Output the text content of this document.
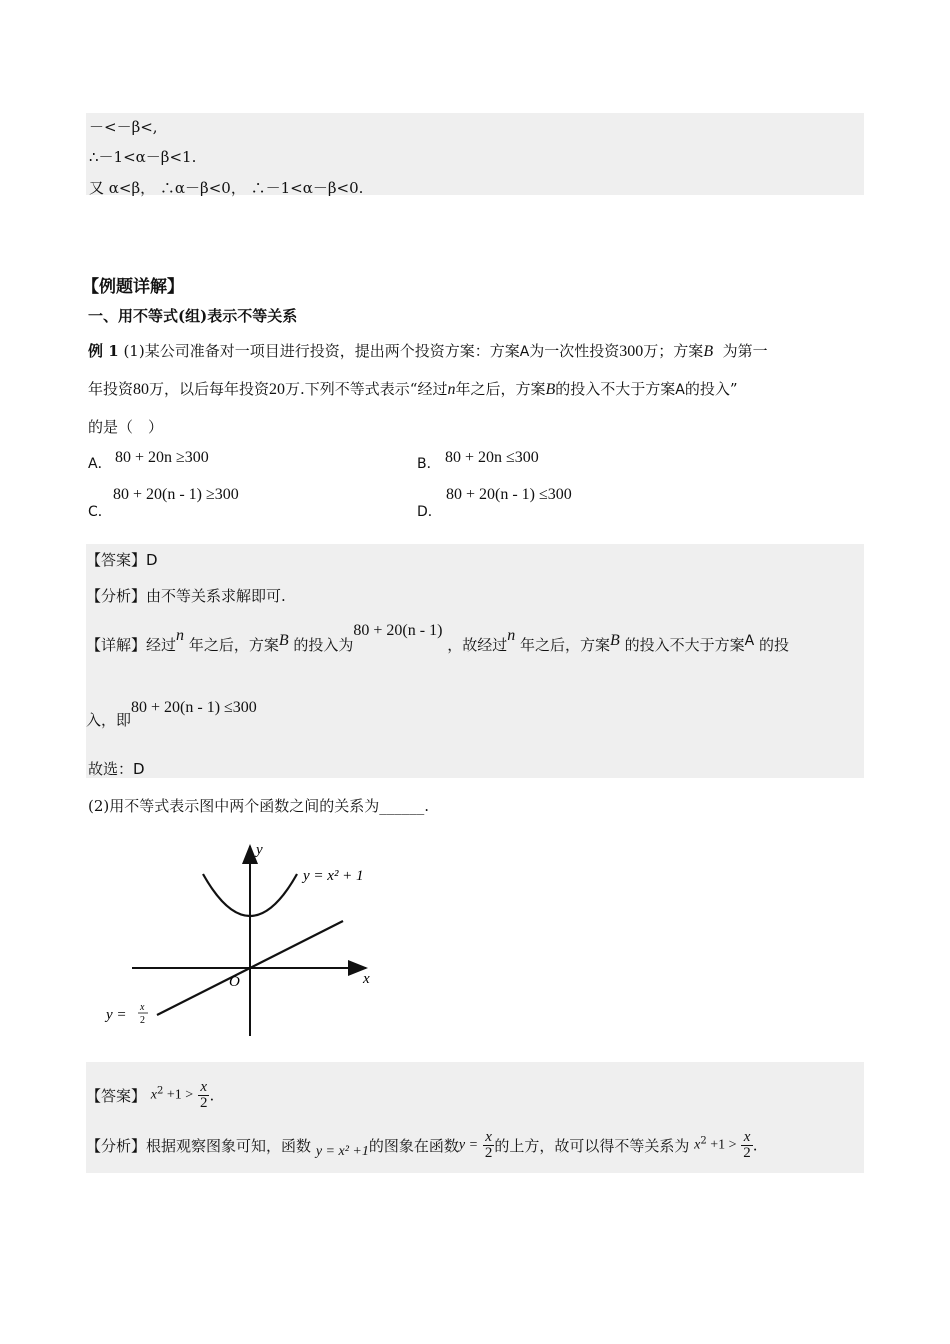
－<－β<,
∴－1<α－β<1.
又 α<β， ∴α－β<0， ∴－1<α－β<0.
【例题详解】
一、用不等式(组)表示不等关系
例 1 (1)某公司准备对一项目进行投资，提出两个投资方案：方案A为一次性投资300万；方案B 为第一
年投资80万，以后每年投资20万.下列不等式表示“经过n年之后，方案B的投入不大于方案A的投入”
的是（　）
A． 80 + 20n ≥300	B． 80 + 20n ≤300
C．
80 + 20(n - 1) ≥300
D．
80 + 20(n - 1) ≤300
【答案】D
【分析】由不等关系求解即可.
【详解】经过n 年之后，方案B 的投入为80 + 20(n - 1) ，故经过n 年之后，方案B 的投入不大于方案A 的投
入，即80 + 20(n - 1) ≤300
故选：D
(2)用不等式表示图中两个函数之间的关系为______.
y
x
O
y = x² + 1
y = x
2
【答案】 $x^2 +1 > \frac{x}{2}$ .
【分析】根据观察图象可知，函数 y = x² +1的图象在函数$y = \frac{x}{2}$ 的上方，故可以得不等关系为 $x^2 +1 > \frac{x}{2}$ .
